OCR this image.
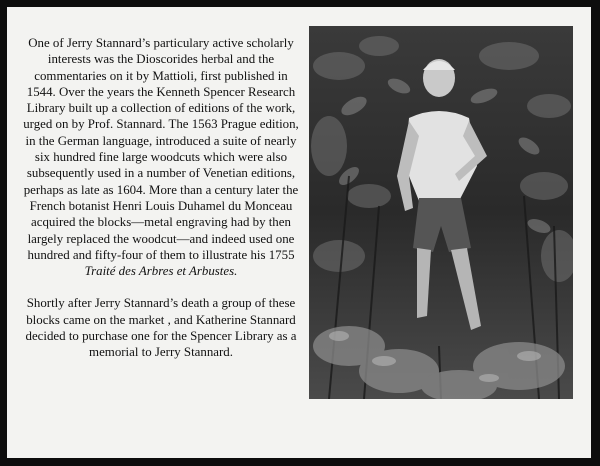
One of Jerry Stannard’s particulary active scholarly interests was the Dioscorides herbal and the commentaries on it by Mattioli, first published in 1544. Over the years the Kenneth Spencer Research Library built up a collection of editions of the work, urged on by Prof. Stannard. The 1563 Prague edition, in the German language, introduced a suite of nearly six hundred fine large woodcuts which were also subsequently used in a number of Venetian editions, perhaps as late as 1604. More than a century later the French botanist Henri Louis Duhamel du Monceau acquired the blocks—metal engraving had by then largely replaced the woodcut—and indeed used one hundred and fifty-four of them to illustrate his 1755 Traité des Arbres et Arbustes.

Shortly after Jerry Stannard’s death a group of these blocks came on the market , and Katherine Stannard decided to purchase one for the Spencer Library as a memorial to Jerry Stannard.
